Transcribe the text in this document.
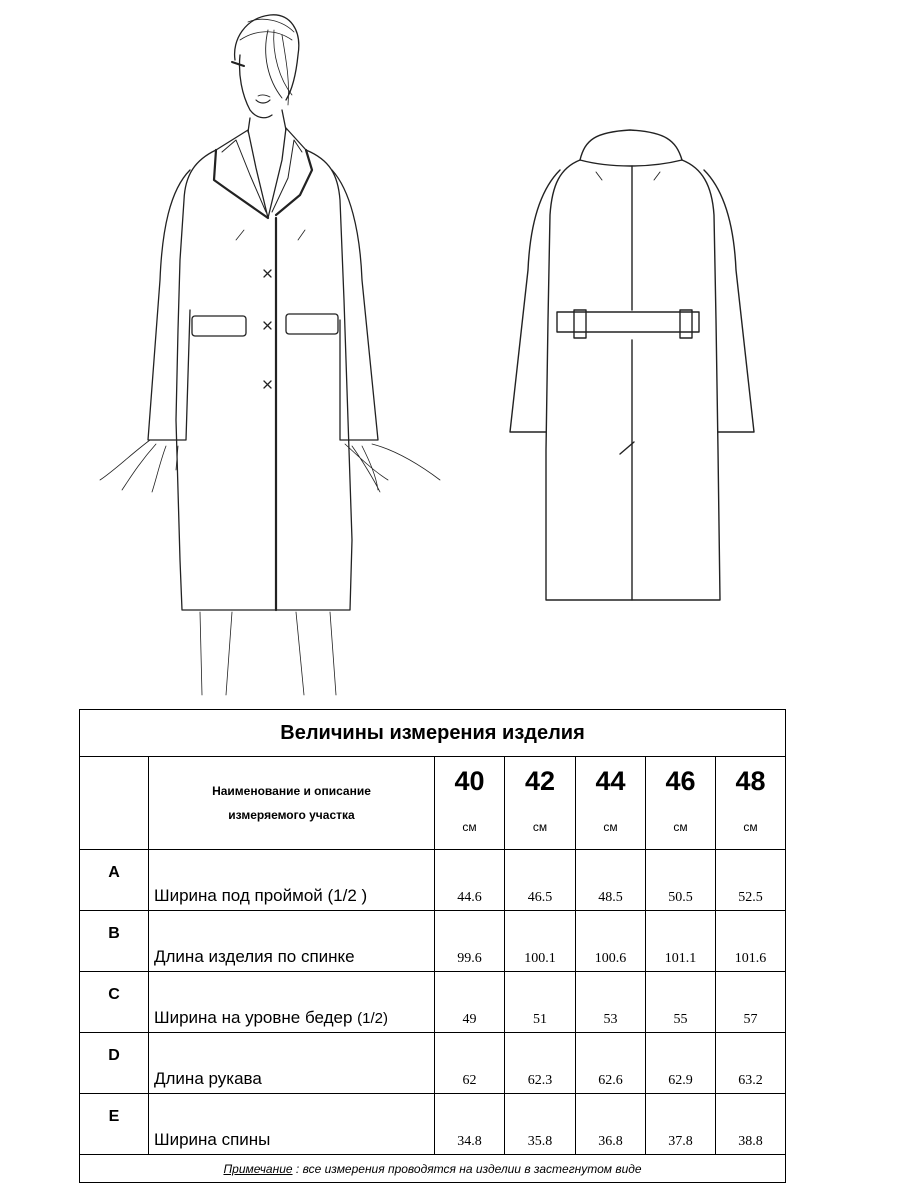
Величины измерения изделия						
	Наименование и описание
измеряемого участка	40	42	44	46	48
		см	см	см	см	см
A	Ширина под проймой (1/2 )	44.6	46.5	48.5	50.5	52.5
B	Длина изделия по спинке	99.6	100.1	100.6	101.1	101.6
C	Ширина на уровне бедер (1/2)	49	51	53	55	57
D	Длина рукава	62	62.3	62.6	62.9	63.2
E	Ширина спины	34.8	35.8	36.8	37.8	38.8
Примечание : все измерения проводятся на изделии в застегнутом виде						
